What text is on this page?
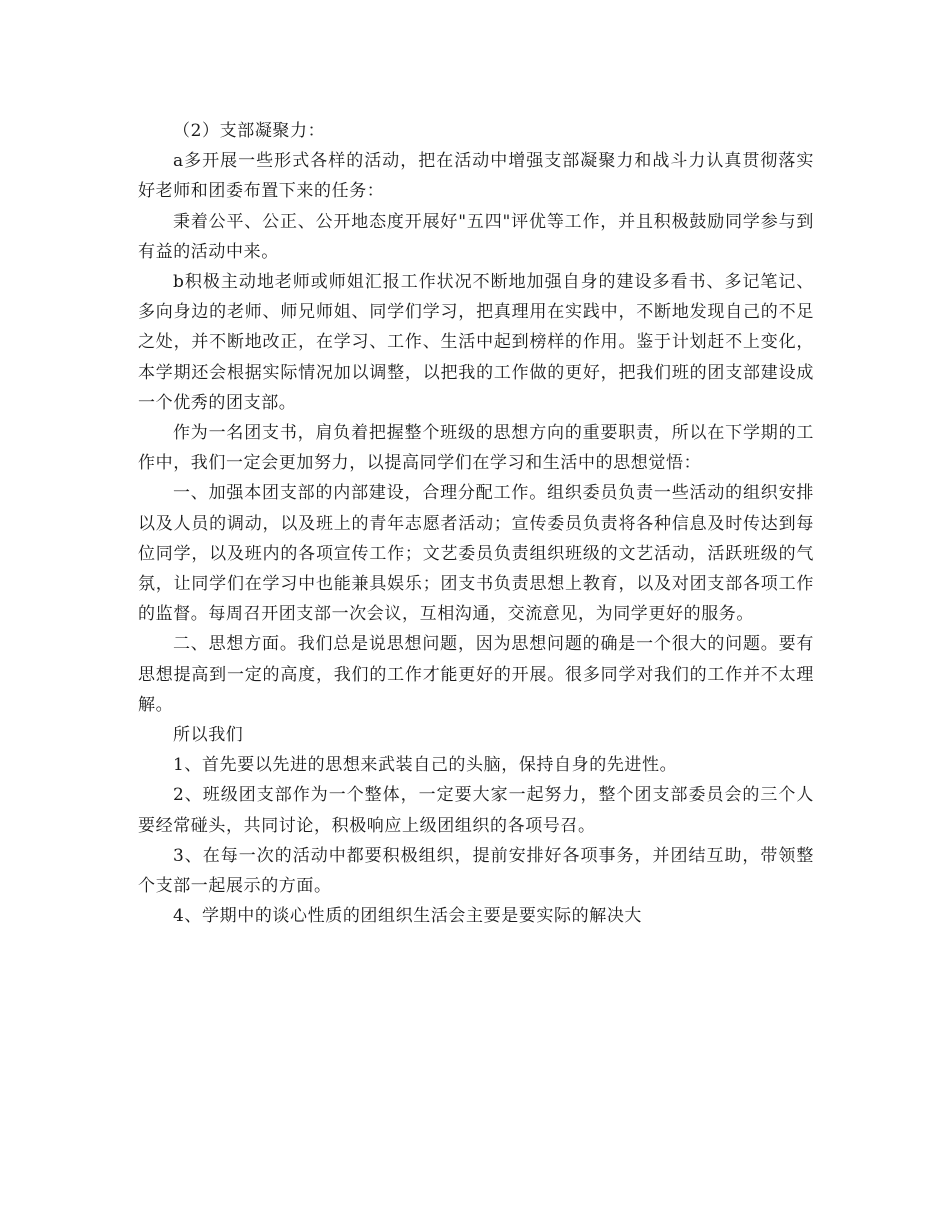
（2）支部凝聚力：

a多开展一些形式各样的活动，把在活动中增强支部凝聚力和战斗力认真贯彻落实好老师和团委布置下来的任务：

秉着公平、公正、公开地态度开展好"五四"评优等工作，并且积极鼓励同学参与到有益的活动中来。

b积极主动地老师或师姐汇报工作状况不断地加强自身的建设多看书、多记笔记、多向身边的老师、师兄师姐、同学们学习，把真理用在实践中，不断地发现自己的不足之处，并不断地改正，在学习、工作、生活中起到榜样的作用。鉴于计划赶不上变化，本学期还会根据实际情况加以调整，以把我的工作做的更好，把我们班的团支部建设成一个优秀的团支部。

作为一名团支书，肩负着把握整个班级的思想方向的重要职责，所以在下学期的工作中，我们一定会更加努力，以提高同学们在学习和生活中的思想觉悟：

一、加强本团支部的内部建设，合理分配工作。组织委员负责一些活动的组织安排以及人员的调动，以及班上的青年志愿者活动；宣传委员负责将各种信息及时传达到每位同学，以及班内的各项宣传工作；文艺委员负责组织班级的文艺活动，活跃班级的气氛，让同学们在学习中也能兼具娱乐；团支书负责思想上教育，以及对团支部各项工作的监督。每周召开团支部一次会议，互相沟通，交流意见，为同学更好的服务。

二、思想方面。我们总是说思想问题，因为思想问题的确是一个很大的问题。要有思想提高到一定的高度，我们的工作才能更好的开展。很多同学对我们的工作并不太理解。

所以我们

1、首先要以先进的思想来武装自己的头脑，保持自身的先进性。

2、班级团支部作为一个整体，一定要大家一起努力，整个团支部委员会的三个人要经常碰头，共同讨论，积极响应上级团组织的各项号召。

3、在每一次的活动中都要积极组织，提前安排好各项事务，并团结互助，带领整个支部一起展示的方面。

4、学期中的谈心性质的团组织生活会主要是要实际的解决大
